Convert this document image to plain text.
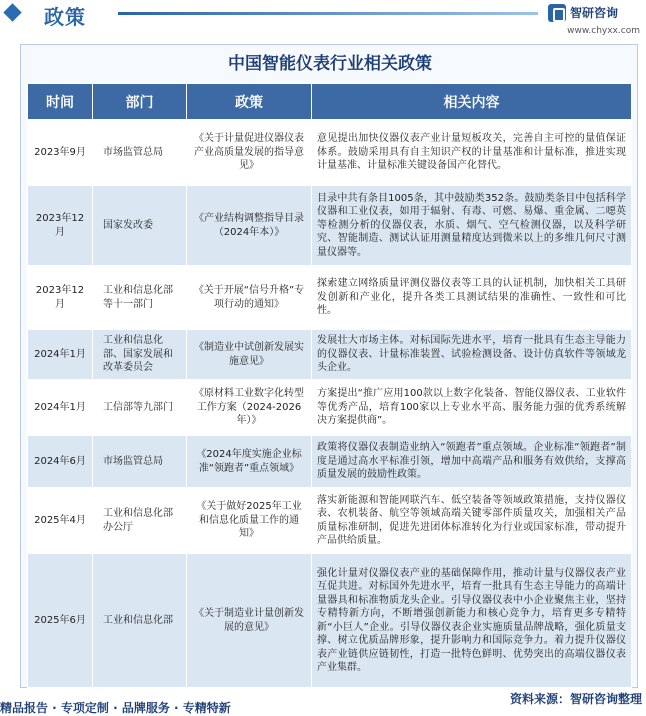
政策	智研咨询
www.chyxx.com
中国智能仪表行业相关政策
时间	部门	政策	相关内容
2023年9月	市场监管总局	《关于计量促进仪器仪表产业高质量发展的指导意见》	意见提出加快仪器仪表产业计量短板攻关，完善自主可控的量值保证体系。鼓励采用具有自主知识产权的计量基准和计量标准，推进实现计量基准、计量标准关键设备国产化替代。
2023年12月	国家发改委	《产业结构调整指导目录（2024年本）》	目录中共有条目1005条，其中鼓励类352条。鼓励类条目中包括科学仪器和工业仪表，如用于辐射、有毒、可燃、易爆、重金属、二噁英等检测分析的仪器仪表，水质、烟气、空气检测仪器，以及科学研究、智能制造、测试认证用测量精度达到微米以上的多维几何尺寸测量仪器等。
2023年12月	工业和信息化部等十一部门	《关于开展“信号升格”专项行动的通知》	探索建立网络质量评测仪器仪表等工具的认证机制，加快相关工具研发创新和产业化，提升各类工具测试结果的准确性、一致性和可比性。
2024年1月	工业和信息化部、国家发展和改革委员会	《制造业中试创新发展实施意见》	发展壮大市场主体。对标国际先进水平，培育一批具有生态主导能力的仪器仪表、计量标准装置、试验检测设备、设计仿真软件等领域龙头企业。
2024年1月	工信部等九部门	《原材料工业数字化转型工作方案（2024-2026 年）》	方案提出“推广应用100款以上数字化装备、智能仪器仪表、工业软件等优秀产品，培育100家以上专业水平高、服务能力强的优秀系统解决方案提供商”。
2024年6月	市场监管总局	《2024年度实施企业标准“领跑者”重点领域》	政策将仪器仪表制造业纳入“领跑者”重点领域。企业标准“领跑者”制度是通过高水平标准引领，增加中高端产品和服务有效供给，支撑高质量发展的鼓励性政策。
2025年4月	工业和信息化部办公厅	《关于做好2025年工业和信息化质量工作的通知》	落实新能源和智能网联汽车、低空装备等领域政策措施，支持仪器仪表、农机装备、航空等领域高端关键零部件质量攻关，加强相关产品质量标准研制，促进先进团体标准转化为行业或国家标准，带动提升产品供给质量。
2025年6月	工业和信息化部	《关于制造业计量创新发展的意见》	强化计量对仪器仪表产业的基础保障作用，推动计量与仪器仪表产业互促共进。对标国外先进水平，培育一批具有生态主导能力的高端计量器具和标准物质龙头企业。引导仪器仪表中小企业聚焦主业，坚持专精特新方向，不断增强创新能力和核心竞争力，培育更多专精特新“小巨人”企业。引导仪器仪表企业实施质量品牌战略，强化质量支撑、树立优质品牌形象，提升影响力和国际竞争力。着力提升仪器仪表产业链供应链韧性，打造一批特色鲜明、优势突出的高端仪器仪表产业集群。
资料来源：智研咨询整理
精品报告 · 专项定制 · 品牌服务 · 专精特新
